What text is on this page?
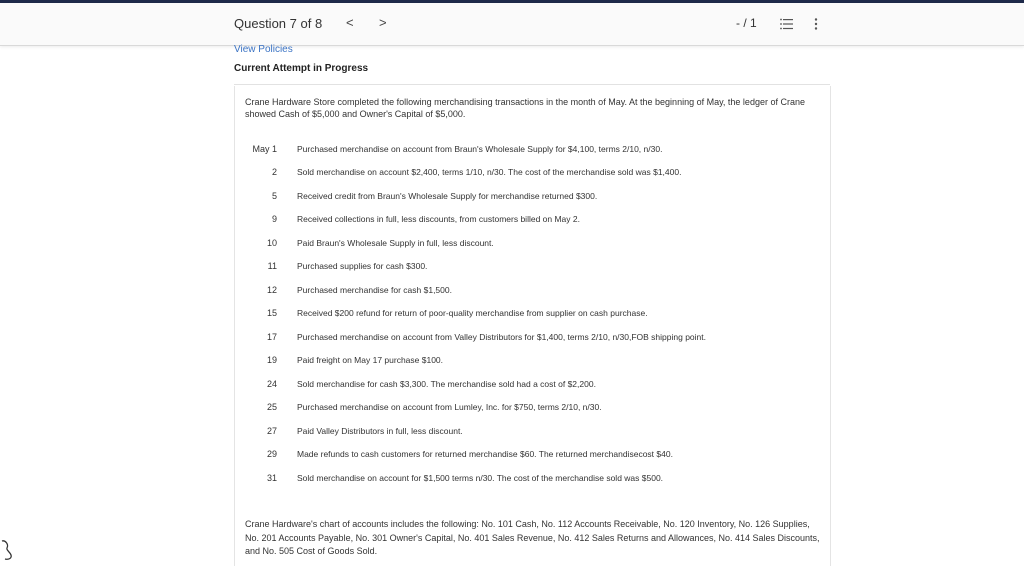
Question 7 of 8 < >	- / 1
View Policies
Current Attempt in Progress
Crane Hardware Store completed the following merchandising transactions in the month of May. At the beginning of May, the ledger of Crane showed Cash of $5,000 and Owner's Capital of $5,000.
May 1 Purchased merchandise on account from Braun's Wholesale Supply for $4,100, terms 2/10, n/30.
2 Sold merchandise on account $2,400, terms 1/10, n/30. The cost of the merchandise sold was $1,400.
5 Received credit from Braun's Wholesale Supply for merchandise returned $300.
9 Received collections in full, less discounts, from customers billed on May 2.
10 Paid Braun's Wholesale Supply in full, less discount.
11 Purchased supplies for cash $300.
12 Purchased merchandise for cash $1,500.
15 Received $200 refund for return of poor-quality merchandise from supplier on cash purchase.
17 Purchased merchandise on account from Valley Distributors for $1,400, terms 2/10, n/30,FOB shipping point.
19 Paid freight on May 17 purchase $100.
24 Sold merchandise for cash $3,300. The merchandise sold had a cost of $2,200.
25 Purchased merchandise on account from Lumley, Inc. for $750, terms 2/10, n/30.
27 Paid Valley Distributors in full, less discount.
29 Made refunds to cash customers for returned merchandise $60. The returned merchandisecost $40.
31 Sold merchandise on account for $1,500 terms n/30. The cost of the merchandise sold was $500.
Crane Hardware's chart of accounts includes the following: No. 101 Cash, No. 112 Accounts Receivable, No. 120 Inventory, No. 126 Supplies, No. 201 Accounts Payable, No. 301 Owner's Capital, No. 401 Sales Revenue, No. 412 Sales Returns and Allowances, No. 414 Sales Discounts, and No. 505 Cost of Goods Sold.
